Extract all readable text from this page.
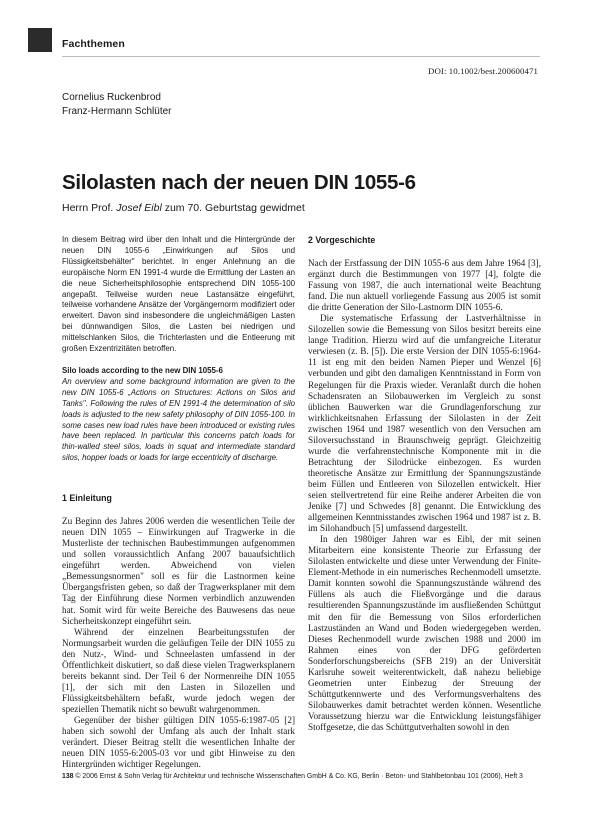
Fachthemen
DOI: 10.1002/best.200600471
Cornelius Ruckenbrod
Franz-Hermann Schlüter
Silolasten nach der neuen DIN 1055-6
Herrn Prof. Josef Eibl zum 70. Geburtstag gewidmet

In diesem Beitrag wird über den Inhalt und die Hintergründe der neuen DIN 1055-6 „Einwirkungen auf Silos und Flüssigkeitsbehälter" berichtet. In enger Anlehnung an die europäische Norm EN 1991-4 wurde die Ermittlung der Lasten an die neue Sicherheitsphilosophie entsprechend DIN 1055-100 angepaßt. Teilweise wurden neue Lastansätze eingeführt, teilweise vorhandene Ansätze der Vorgängernorm modifiziert oder erweitert. Davon sind insbesondere die ungleichmäßigen Lasten bei dünnwandigen Silos, die Lasten bei niedrigen und mittelschlanken Silos, die Trichterlasten und die Entleerung mit großen Exzentrizitäten betroffen.

Silo loads according to the new DIN 1055-6

An overview and some background information are given to the new DIN 1055-6 „Actions on Structures: Actions on Silos and Tanks". Following the rules of EN 1991-4 the determination of silo loads is adjusted to the new safety philosophy of DIN 1055-100. In some cases new load rules have been introduced or existing rules have been replaced. In particular this concerns patch loads for thin-walled steel silos, loads in squat and intermediate standard silos, hopper loads or loads for large eccentricity of discharge.

1 Einleitung

Zu Beginn des Jahres 2006 werden die wesentlichen Teile der neuen DIN 1055 – Einwirkungen auf Tragwerke in die Musterliste der technischen Baubestimmungen aufgenommen und sollen voraussichtlich Anfang 2007 bauaufsichtlich eingeführt werden. Abweichend von vielen „Bemessungsnormen" soll es für die Lastnormen keine Übergangsfristen geben, so daß der Tragwerksplaner mit dem Tag der Einführung diese Normen verbindlich anzuwenden hat. Somit wird für weite Bereiche des Bauwesens das neue Sicherheitskonzept eingeführt sein.

Während der einzelnen Bearbeitungsstufen der Normungsarbeit wurden die geläufigen Teile der DIN 1055 zu den Nutz-, Wind- und Schneelasten umfassend in der Öffentlichkeit diskutiert, so daß diese vielen Tragwerksplanern bereits bekannt sind. Der Teil 6 der Normenreihe DIN 1055 [1], der sich mit den Lasten in Silozellen und Flüssigkeitsbehältern befaßt, wurde jedoch wegen der speziellen Thematik nicht so bewußt wahrgenommen.

Gegenüber der bisher gültigen DIN 1055-6:1987-05 [2] haben sich sowohl der Umfang als auch der Inhalt stark verändert. Dieser Beitrag stellt die wesentlichen Inhalte der neuen DIN 1055-6:2005-03 vor und gibt Hinweise zu den Hintergründen wichtiger Regelungen.

2 Vorgeschichte

Nach der Erstfassung der DIN 1055-6 aus dem Jahre 1964 [3], ergänzt durch die Bestimmungen von 1977 [4], folgte die Fassung von 1987, die auch international weite Beachtung fand. Die nun aktuell vorliegende Fassung aus 2005 ist somit die dritte Generation der Silo-Lastnorm DIN 1055-6.

Die systematische Erfassung der Lastverhältnisse in Silozellen sowie die Bemessung von Silos besitzt bereits eine lange Tradition. Hierzu wird auf die umfangreiche Literatur verwiesen (z. B. [5]). Die erste Version der DIN 1055-6:1964-11 ist eng mit den beiden Namen Pieper und Wenzel [6] verbunden und gibt den damaligen Kenntnisstand in Form von Regelungen für die Praxis wieder. Veranlaßt durch die hohen Schadensraten an Silobauwerken im Vergleich zu sonst üblichen Bauwerken war die Grundlagenforschung zur wirklichkeitsnahen Erfassung der Silolasten in der Zeit zwischen 1964 und 1987 wesentlich von den Versuchen am Siloversuchsstand in Braunschweig geprägt. Gleichzeitig wurde die verfahrenstechnische Komponente mit in die Betrachtung der Silodrücke einbezogen. Es wurden theoretische Ansätze zur Ermittlung der Spannungszustände beim Füllen und Entleeren von Silozellen entwickelt. Hier seien stellvertretend für eine Reihe anderer Arbeiten die von Jenike [7] und Schwedes [8] genannt. Die Entwicklung des allgemeinen Kenntnisstandes zwischen 1964 und 1987 ist z. B. im Silohandbuch [5] umfassend dargestellt.

In den 1980iger Jahren war es Eibl, der mit seinen Mitarbeitern eine konsistente Theorie zur Erfassung der Silolasten entwickelte und diese unter Verwendung der Finite-Element-Methode in ein numerisches Rechenmodell umsetzte. Damit konnten sowohl die Spannungszustände während des Füllens als auch die Fließvorgänge und die daraus resultierenden Spannungszustände im ausfließenden Schüttgut mit den für die Bemessung von Silos erforderlichen Lastzuständen an Wand und Boden wiedergegeben werden. Dieses Rechenmodell wurde zwischen 1988 und 2000 im Rahmen eines von der DFG geförderten Sonderforschungsbereichs (SFB 219) an der Universität Karlsruhe soweit weiterentwickelt, daß nahezu beliebige Geometrien unter Einbezug der Streuung der Schüttgutkennwerte und des Verformungsverhaltens des Silobauwerkes damit betrachtet werden können. Wesentliche Voraussetzung hierzu war die Entwicklung leistungsfähiger Stoffgesetze, die das Schüttgutverhalten sowohl in den

138 © 2006 Ernst & Sohn Verlag für Architektur und technische Wissenschaften GmbH & Co. KG, Berlin · Beton- und Stahlbetonbau 101 (2006), Heft 3
